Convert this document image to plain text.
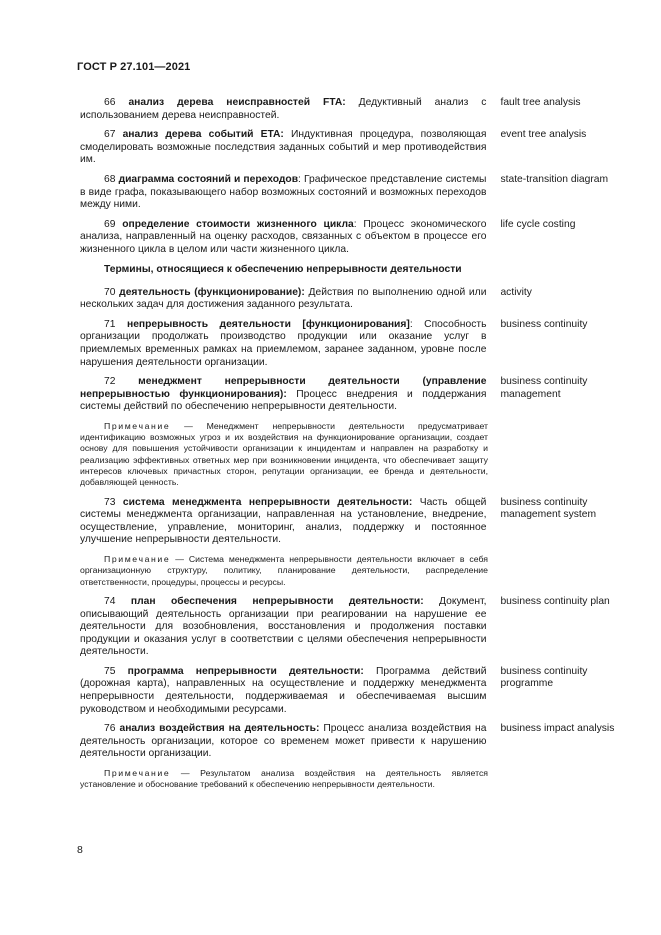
ГОСТ Р 27.101—2021
66 анализ дерева неисправностей FTA: Дедуктивный анализ с использованием дерева неисправностей.
fault tree analysis
67 анализ дерева событий ETA: Индуктивная процедура, позволяющая смоделировать возможные последствия заданных событий и мер противодействия им.
event tree analysis
68 диаграмма состояний и переходов: Графическое представление системы в виде графа, показывающего набор возможных состояний и возможных переходов между ними.
state-transition diagram
69 определение стоимости жизненного цикла: Процесс экономического анализа, направленный на оценку расходов, связанных с объектом в процессе его жизненного цикла в целом или части жизненного цикла.
life cycle costing
Термины, относящиеся к обеспечению непрерывности деятельности
70 деятельность (функционирование): Действия по выполнению одной или нескольких задач для достижения заданного результата.
activity
71 непрерывность деятельности [функционирования]: Способность организации продолжать производство продукции или оказание услуг в приемлемых временных рамках на приемлемом, заранее заданном, уровне после нарушения деятельности организации.
business continuity
72 менеджмент непрерывности деятельности (управление непрерывностью функционирования): Процесс внедрения и поддержания системы действий по обеспечению непрерывности деятельности.
business continuity management
Примечание — Менеджмент непрерывности деятельности предусматривает идентификацию возможных угроз и их воздействия на функционирование организации, создает основу для повышения устойчивости организации к инцидентам и направлен на разработку и реализацию эффективных ответных мер при возникновении инцидента, что обеспечивает защиту интересов ключевых причастных сторон, репутации организации, ее бренда и деятельности, добавляющей ценность.
73 система менеджмента непрерывности деятельности: Часть общей системы менеджмента организации, направленная на установление, внедрение, осуществление, управление, мониторинг, анализ, поддержку и постоянное улучшение непрерывности деятельности.
business continuity management system
Примечание — Система менеджмента непрерывности деятельности включает в себя организационную структуру, политику, планирование деятельности, распределение ответственности, процедуры, процессы и ресурсы.
74 план обеспечения непрерывности деятельности: Документ, описывающий деятельность организации при реагировании на нарушение ее деятельности для возобновления, восстановления и продолжения поставки продукции и оказания услуг в соответствии с целями обеспечения непрерывности деятельности.
business continuity plan
75 программа непрерывности деятельности: Программа действий (дорожная карта), направленных на осуществление и поддержку менеджмента непрерывности деятельности, поддерживаемая и обеспечиваемая высшим руководством и необходимыми ресурсами.
business continuity programme
76 анализ воздействия на деятельность: Процесс анализа воздействия на деятельность организации, которое со временем может привести к нарушению деятельности организации.
business impact analysis
Примечание — Результатом анализа воздействия на деятельность является установление и обоснование требований к обеспечению непрерывности деятельности.
8
